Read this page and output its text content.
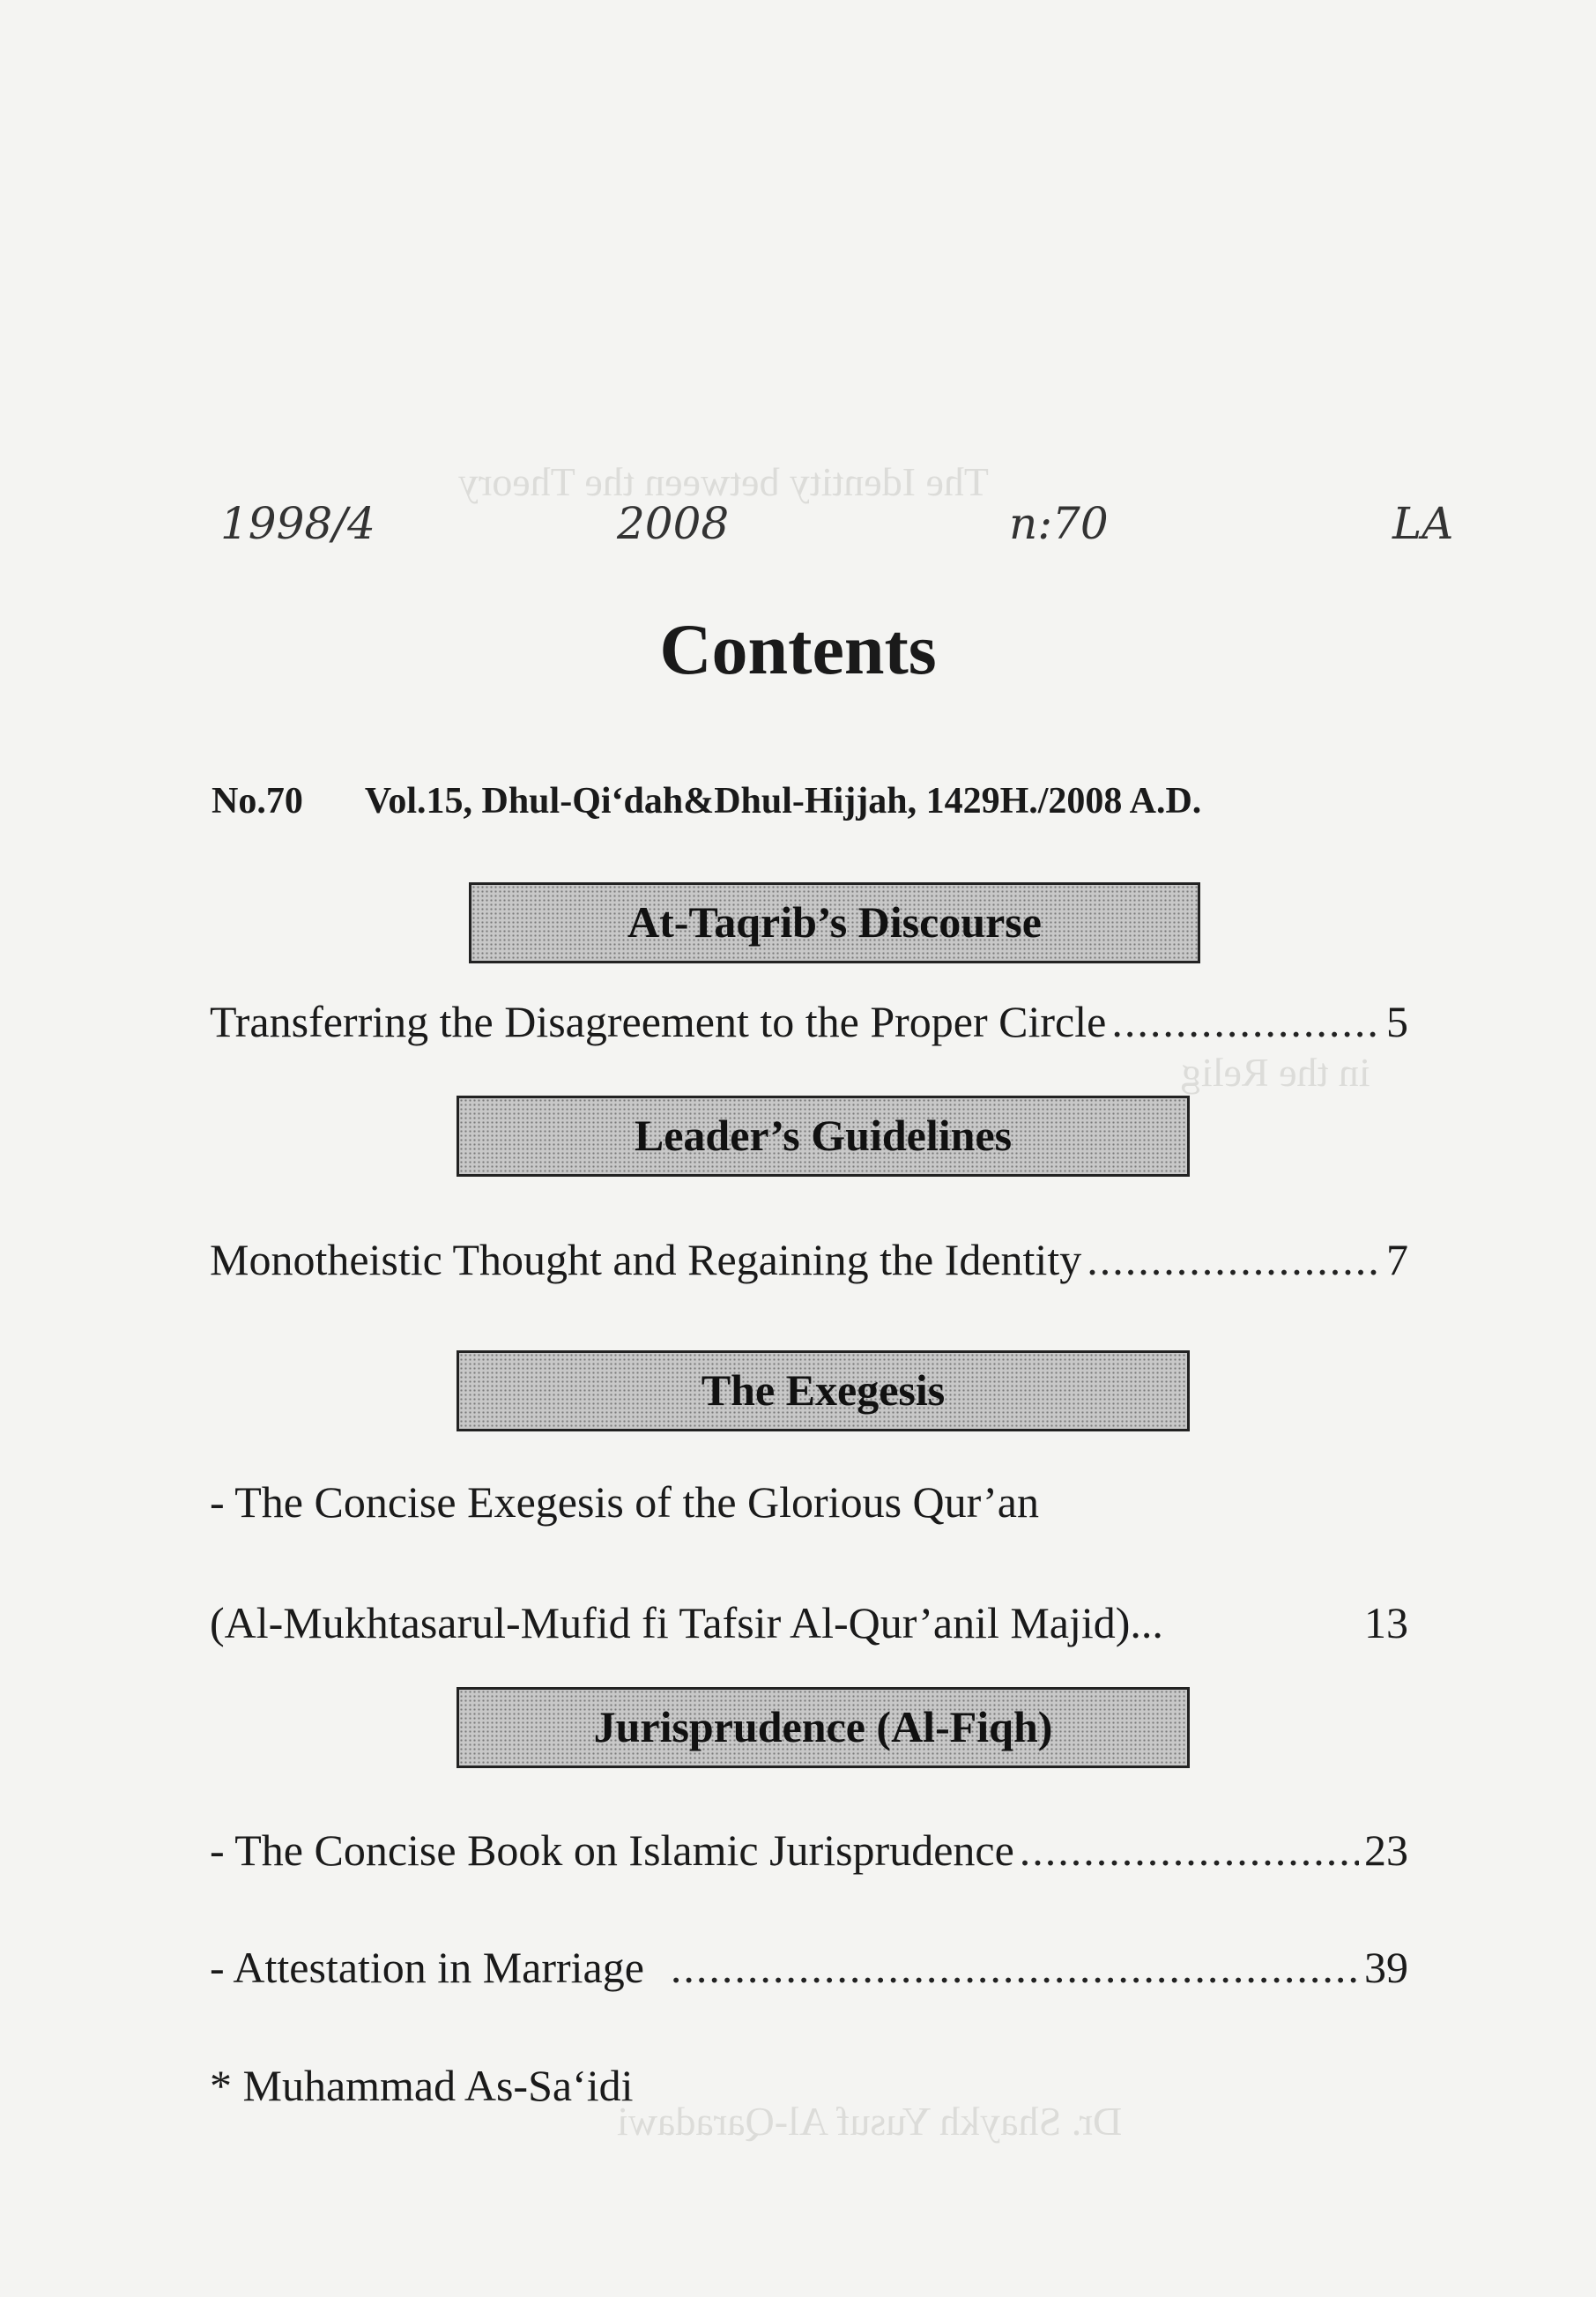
The Identity between the Theory
in the Relig
Dr. Shaykh Yusuf Al-Qaradawi
1998/4	2008	n:70	LA
Contents
No.70 Vol.15, Dhul-Qi‘dah&Dhul-Hijjah, 1429H./2008 A.D.
At-Taqrib’s Discourse
Transferring the Disagreement to the Proper Circle .....	5
Leader’s Guidelines
Monotheistic Thought and Regaining the Identity .....	7
The Exegesis
- The Concise Exegesis of the Glorious Qur’an
(Al-Mukhtasarul-Mufid fi Tafsir Al-Qur’anil Majid)...	13
Jurisprudence (Al-Fiqh)
- The Concise Book on Islamic Jurisprudence .....	23
- Attestation in Marriage .....	39
* Muhammad As-Sa‘idi
